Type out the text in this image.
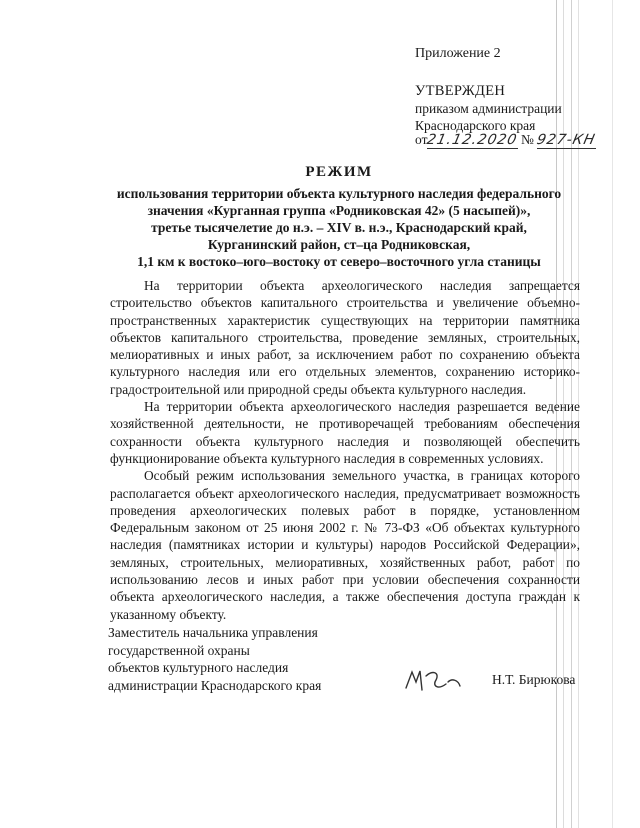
Приложение 2
УТВЕРЖДЕН
приказом администрации
Краснодарского края
от21.12.2020 № 927-КН
РЕЖИМ
использования территории объекта культурного наследия федерального
значения «Курганная группа «Родниковская 42» (5 насыпей)»,
третье тысячелетие до н.э. – XIV в. н.э., Краснодарский край,
Курганинский район, ст–ца Родниковская,
1,1 км к востоко–юго–востоку от северо–восточного угла станицы

На территории объекта археологического наследия запрещается строительство объектов капитального строительства и увеличение объемно-пространственных характеристик существующих на территории памятника объектов капитального строительства, проведение земляных, строительных, мелиоративных и иных работ, за исключением работ по сохранению объекта культурного наследия или его отдельных элементов, сохранению историко-градостроительной или природной среды объекта культурного наследия.

На территории объекта археологического наследия разрешается ведение хозяйственной деятельности, не противоречащей требованиям обеспечения сохранности объекта культурного наследия и позволяющей обеспечить функционирование объекта культурного наследия в современных условиях.

Особый режим использования земельного участка, в границах которого располагается объект археологического наследия, предусматривает возможность проведения археологических полевых работ в порядке, установленном Федеральным законом от 25 июня 2002 г. № 73-ФЗ «Об объектах культурного наследия (памятниках истории и культуры) народов Российской Федерации», земляных, строительных, мелиоративных, хозяйственных работ, работ по использованию лесов и иных работ при условии обеспечения сохранности объекта археологического наследия, а также обеспечения доступа граждан к указанному объекту.

Заместитель начальника управления
государственной охраны
объектов культурного наследия
администрации Краснодарского края	Н.Т. Бирюкова
